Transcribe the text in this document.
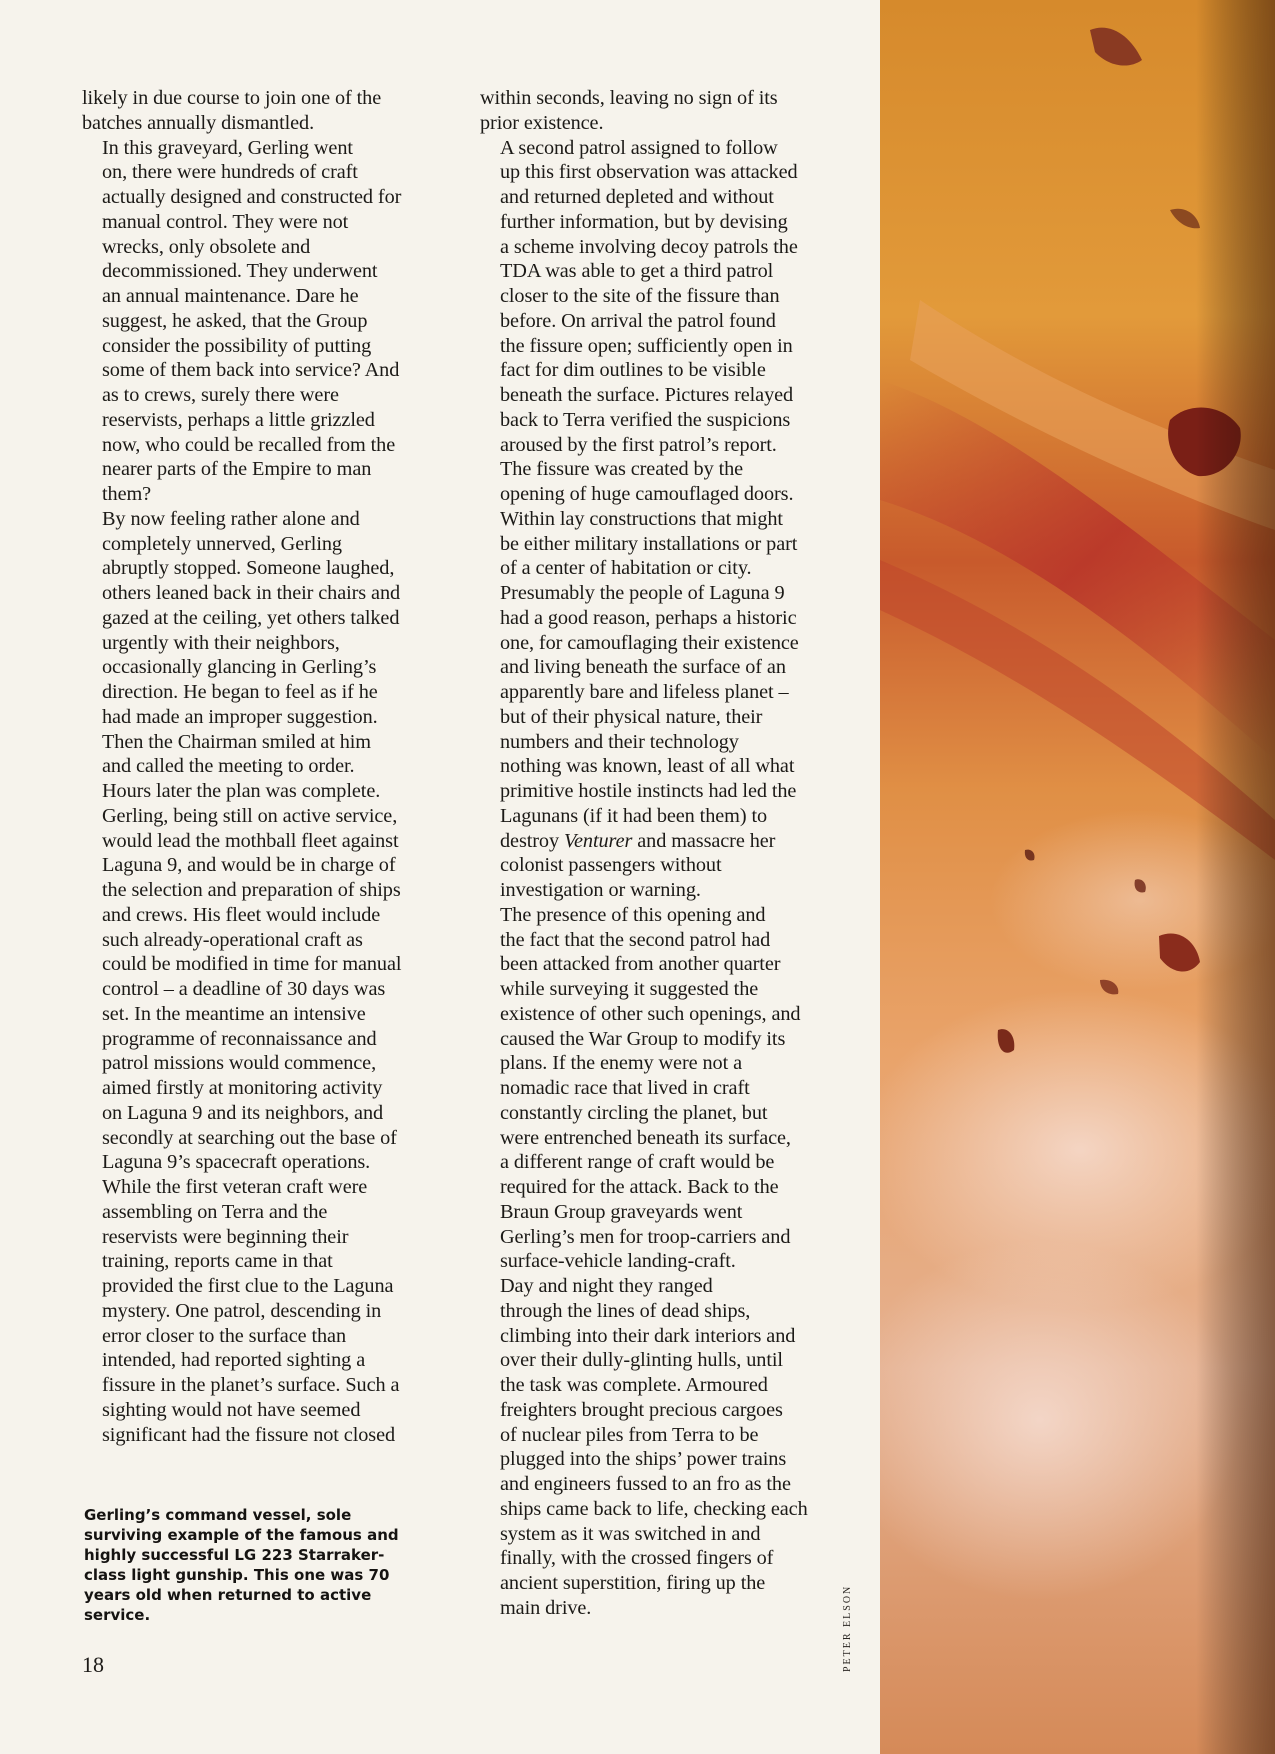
likely in due course to join one of the
batches annually dismantled.

In this graveyard, Gerling went
on, there were hundreds of craft
actually designed and constructed for
manual control. They were not
wrecks, only obsolete and
decommissioned. They underwent
an annual maintenance. Dare he
suggest, he asked, that the Group
consider the possibility of putting
some of them back into service? And
as to crews, surely there were
reservists, perhaps a little grizzled
now, who could be recalled from the
nearer parts of the Empire to man
them?

By now feeling rather alone and
completely unnerved, Gerling
abruptly stopped. Someone laughed,
others leaned back in their chairs and
gazed at the ceiling, yet others talked
urgently with their neighbors,
occasionally glancing in Gerling’s
direction. He began to feel as if he
had made an improper suggestion.
Then the Chairman smiled at him
and called the meeting to order.
Hours later the plan was complete.
Gerling, being still on active service,
would lead the mothball fleet against
Laguna 9, and would be in charge of
the selection and preparation of ships
and crews. His fleet would include
such already-operational craft as
could be modified in time for manual
control – a deadline of 30 days was
set. In the meantime an intensive
programme of reconnaissance and
patrol missions would commence,
aimed firstly at monitoring activity
on Laguna 9 and its neighbors, and
secondly at searching out the base of
Laguna 9’s spacecraft operations.

While the first veteran craft were
assembling on Terra and the
reservists were beginning their
training, reports came in that
provided the first clue to the Laguna
mystery. One patrol, descending in
error closer to the surface than
intended, had reported sighting a
fissure in the planet’s surface. Such a
sighting would not have seemed
significant had the fissure not closed

within seconds, leaving no sign of its
prior existence.

A second patrol assigned to follow
up this first observation was attacked
and returned depleted and without
further information, but by devising
a scheme involving decoy patrols the
TDA was able to get a third patrol
closer to the site of the fissure than
before. On arrival the patrol found
the fissure open; sufficiently open in
fact for dim outlines to be visible
beneath the surface. Pictures relayed
back to Terra verified the suspicions
aroused by the first patrol’s report.
The fissure was created by the
opening of huge camouflaged doors.
Within lay constructions that might
be either military installations or part
of a center of habitation or city.
Presumably the people of Laguna 9
had a good reason, perhaps a historic
one, for camouflaging their existence
and living beneath the surface of an
apparently bare and lifeless planet –
but of their physical nature, their
numbers and their technology
nothing was known, least of all what
primitive hostile instincts had led the
Lagunans (if it had been them) to
destroy Venturer and massacre her
colonist passengers without
investigation or warning.

The presence of this opening and
the fact that the second patrol had
been attacked from another quarter
while surveying it suggested the
existence of other such openings, and
caused the War Group to modify its
plans. If the enemy were not a
nomadic race that lived in craft
constantly circling the planet, but
were entrenched beneath its surface,
a different range of craft would be
required for the attack. Back to the
Braun Group graveyards went
Gerling’s men for troop-carriers and
surface-vehicle landing-craft.

Day and night they ranged
through the lines of dead ships,
climbing into their dark interiors and
over their dully-glinting hulls, until
the task was complete. Armoured
freighters brought precious cargoes
of nuclear piles from Terra to be
plugged into the ships’ power trains
and engineers fussed to an fro as the
ships came back to life, checking each
system as it was switched in and
finally, with the crossed fingers of
ancient superstition, firing up the
main drive.

Gerling’s command vessel, sole
surviving example of the famous and
highly successful LG 223 Starraker-
class light gunship. This one was 70
years old when returned to active
service.
18	PETER ELSON
